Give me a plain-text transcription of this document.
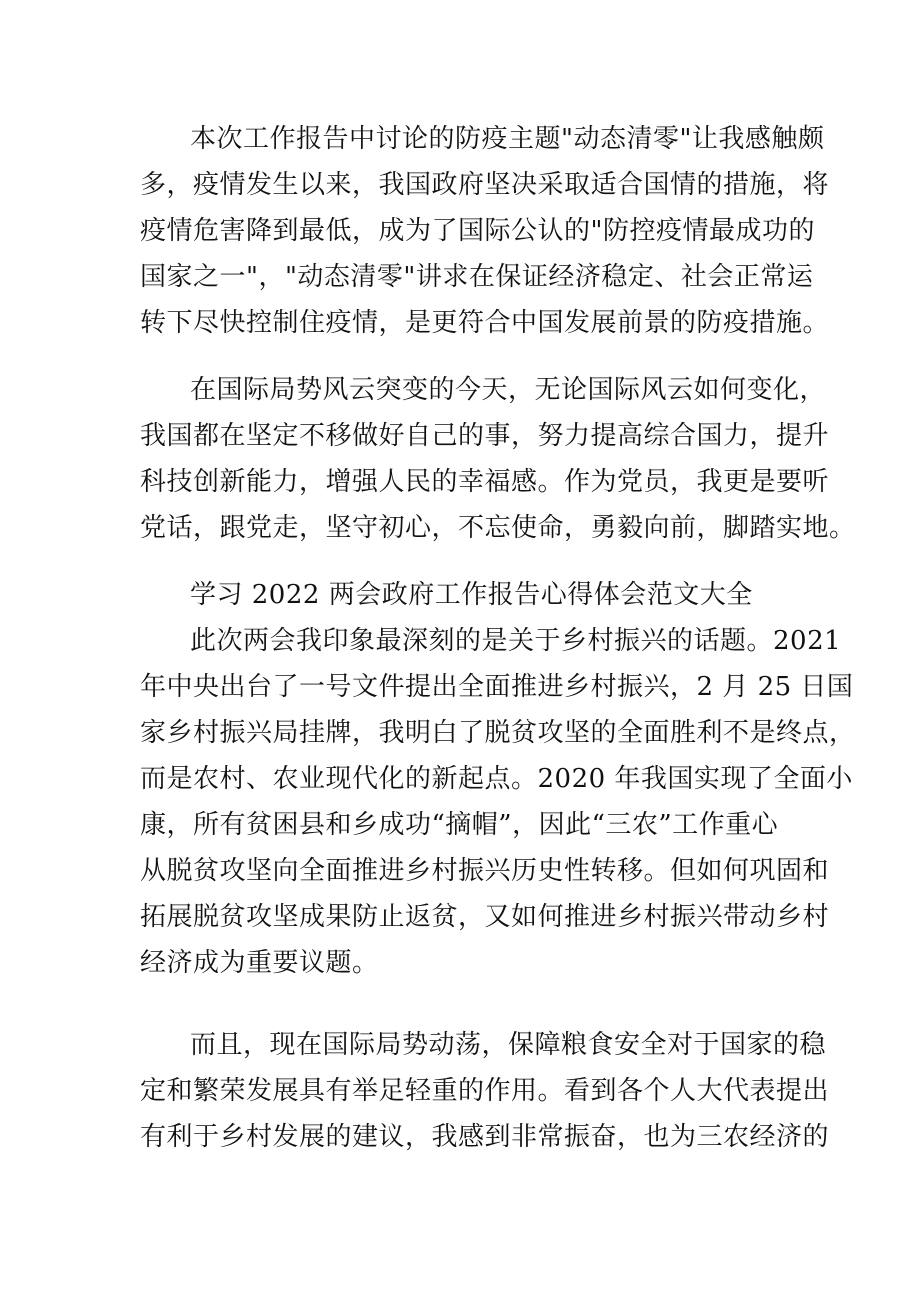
本次工作报告中讨论的防疫主题"动态清零"让我感触颇
多，疫情发生以来，我国政府坚决采取适合国情的措施，将
疫情危害降到最低，成为了国际公认的"防控疫情最成功的
国家之一"，"动态清零"讲求在保证经济稳定、社会正常运
转下尽快控制住疫情，是更符合中国发展前景的防疫措施。
在国际局势风云突变的今天，无论国际风云如何变化，
我国都在坚定不移做好自己的事，努力提高综合国力，提升
科技创新能力，增强人民的幸福感。作为党员，我更是要听
党话，跟党走，坚守初心，不忘使命，勇毅向前，脚踏实地。
学习 2022 两会政府工作报告心得体会范文大全
此次两会我印象最深刻的是关于乡村振兴的话题。2021
年中央出台了一号文件提出全面推进乡村振兴，2 月 25 日国
家乡村振兴局挂牌，我明白了脱贫攻坚的全面胜利不是终点，
而是农村、农业现代化的新起点。2020 年我国实现了全面小
康，所有贫困县和乡成功“摘帽”，因此“三农”工作重心
从脱贫攻坚向全面推进乡村振兴历史性转移。但如何巩固和
拓展脱贫攻坚成果防止返贫，又如何推进乡村振兴带动乡村
经济成为重要议题。
而且，现在国际局势动荡，保障粮食安全对于国家的稳
定和繁荣发展具有举足轻重的作用。看到各个人大代表提出
有利于乡村发展的建议，我感到非常振奋，也为三农经济的
